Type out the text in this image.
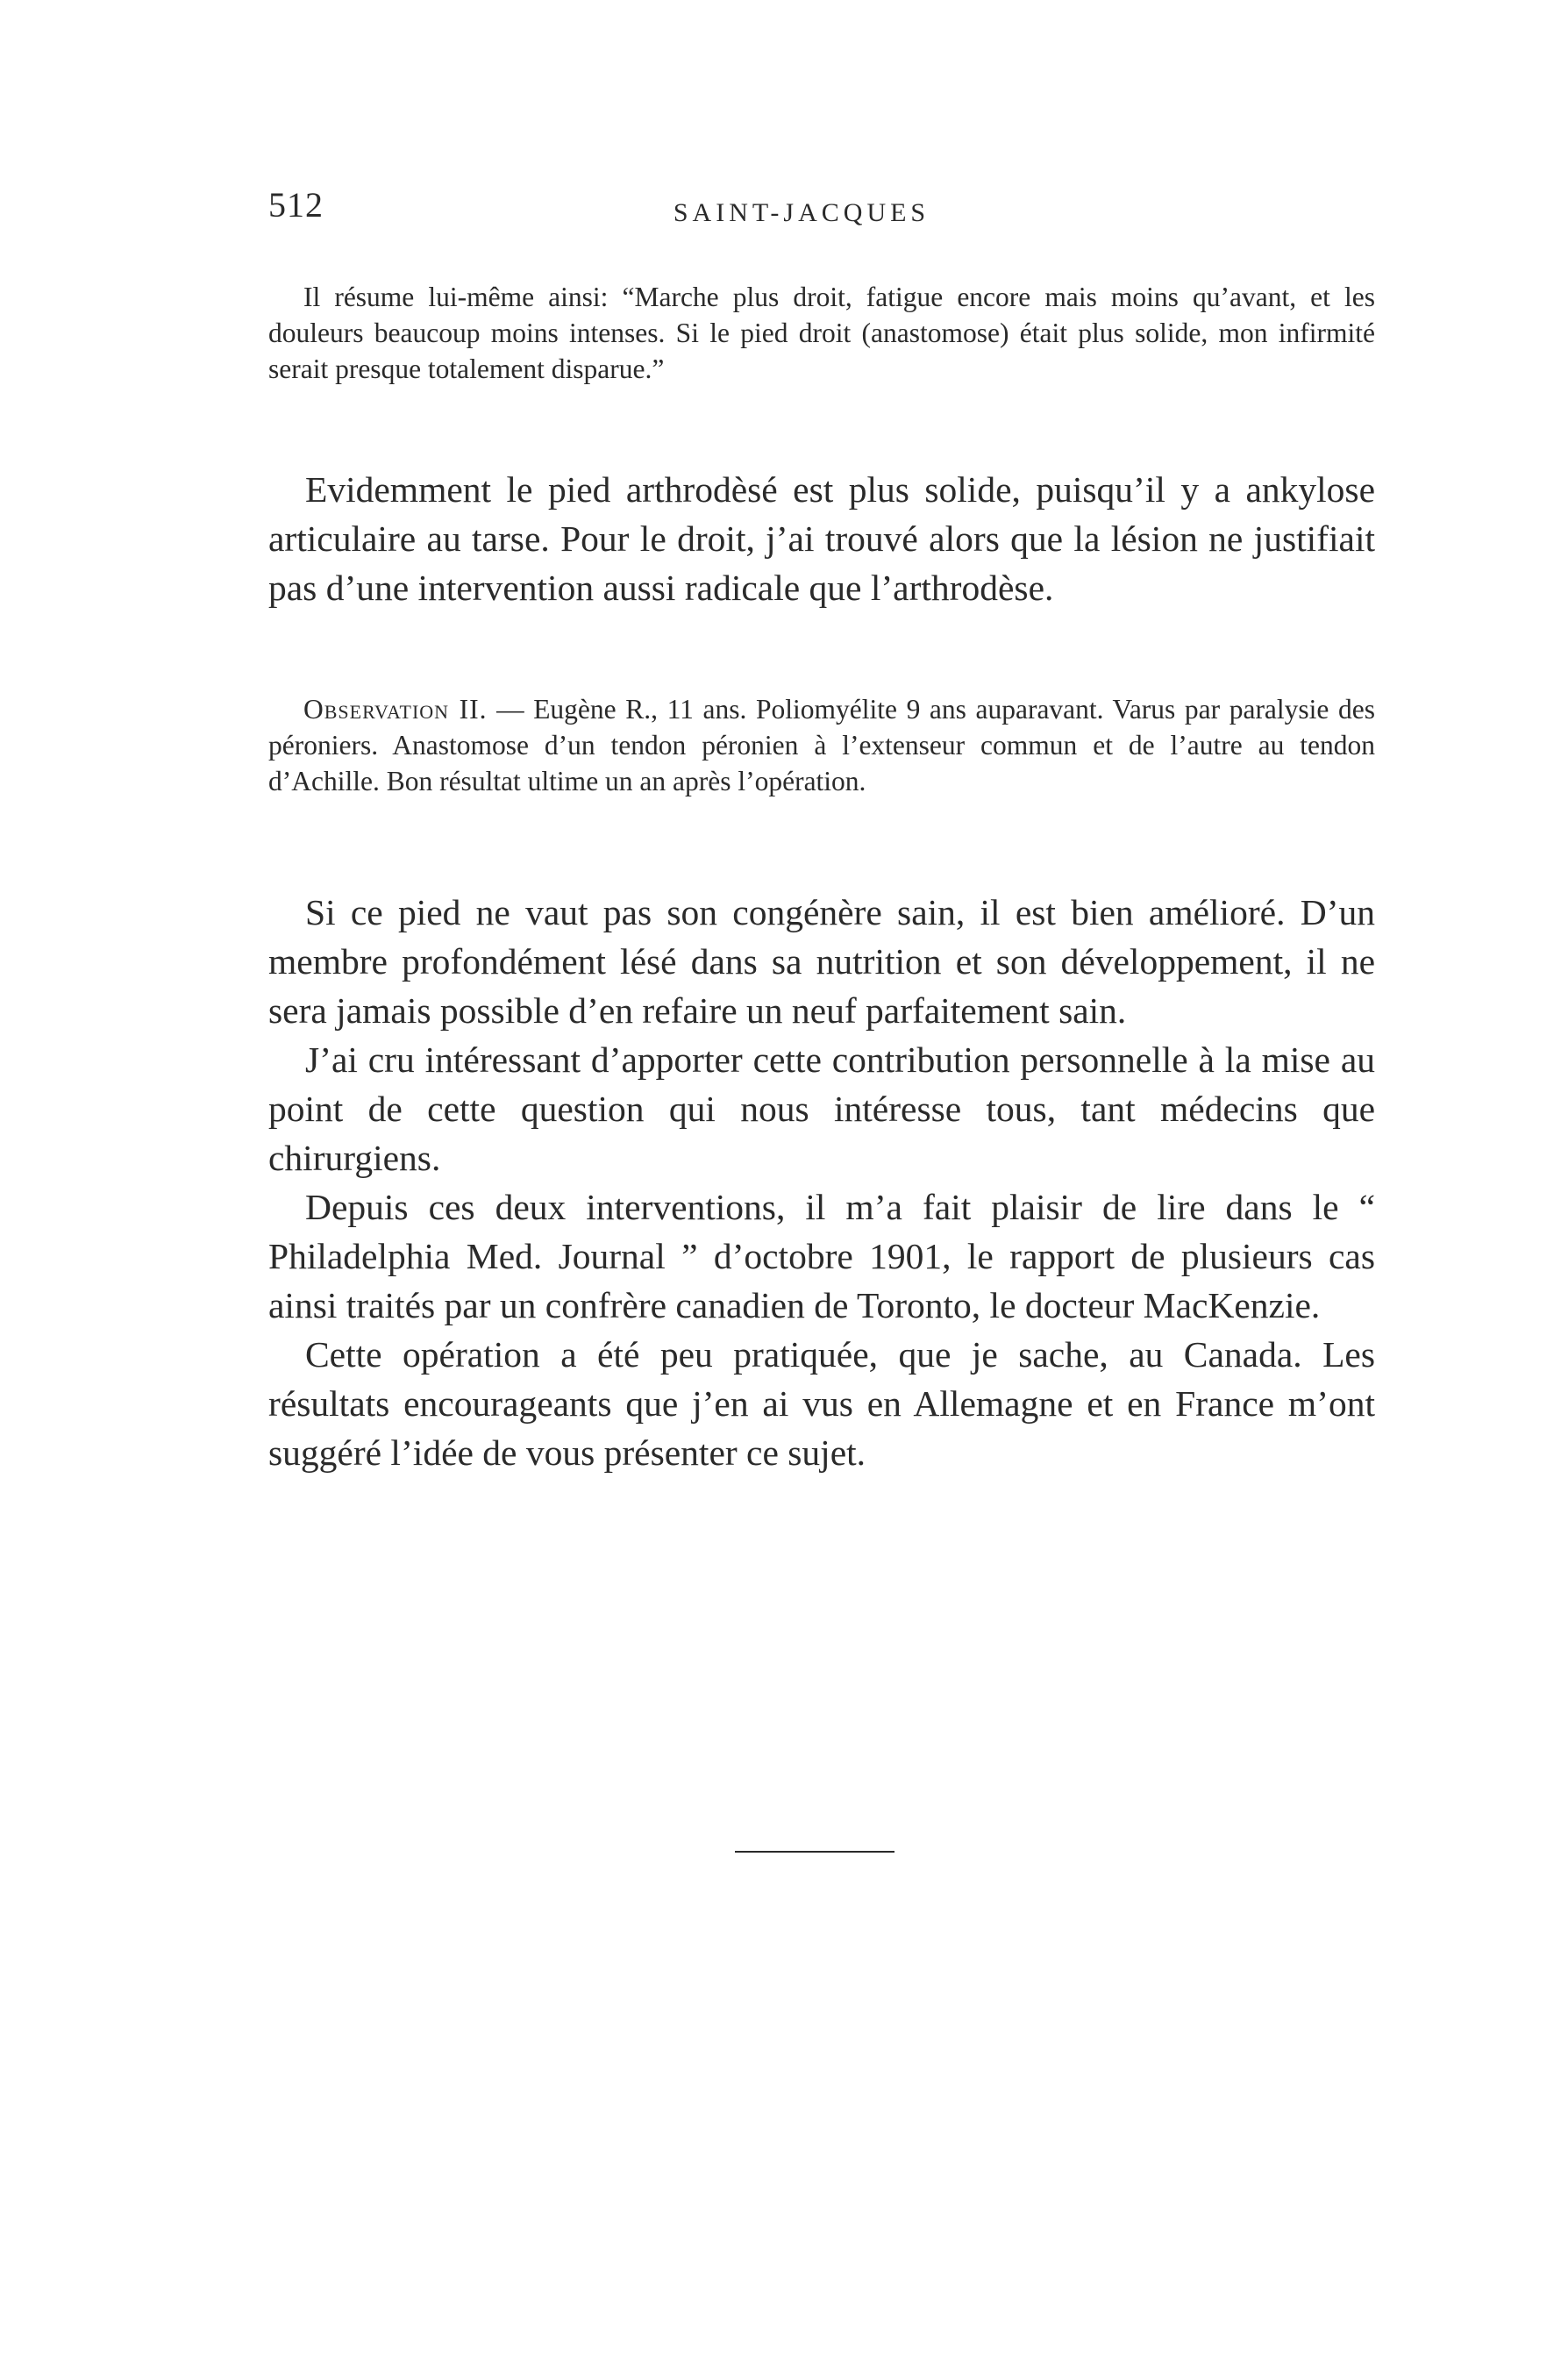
512	SAINT-JACQUES

Il résume lui-même ainsi: “Marche plus droit, fatigue encore mais moins qu’avant, et les douleurs beaucoup moins intenses. Si le pied droit (anastomose) était plus solide, mon infirmité serait presque totalement disparue.”

Evidemment le pied arthrodèsé est plus solide, puisqu’il y a ankylose articulaire au tarse. Pour le droit, j’ai trouvé alors que la lésion ne justifiait pas d’une intervention aussi radicale que l’arthrodèse.

Observation II. — Eugène R., 11 ans. Poliomyélite 9 ans auparavant. Varus par paralysie des péroniers. Anastomose d’un tendon péronien à l’extenseur commun et de l’autre au tendon d’Achille. Bon résultat ultime un an après l’opération.

Si ce pied ne vaut pas son congénère sain, il est bien amélioré. D’un membre profondément lésé dans sa nutrition et son développement, il ne sera jamais possible d’en refaire un neuf parfaitement sain.

J’ai cru intéressant d’apporter cette contribution personnelle à la mise au point de cette question qui nous intéresse tous, tant médecins que chirurgiens.

Depuis ces deux interventions, il m’a fait plaisir de lire dans le “ Philadelphia Med. Journal ” d’octobre 1901, le rapport de plusieurs cas ainsi traités par un confrère canadien de Toronto, le docteur MacKenzie.

Cette opération a été peu pratiquée, que je sache, au Canada. Les résultats encourageants que j’en ai vus en Allemagne et en France m’ont suggéré l’idée de vous présenter ce sujet.
